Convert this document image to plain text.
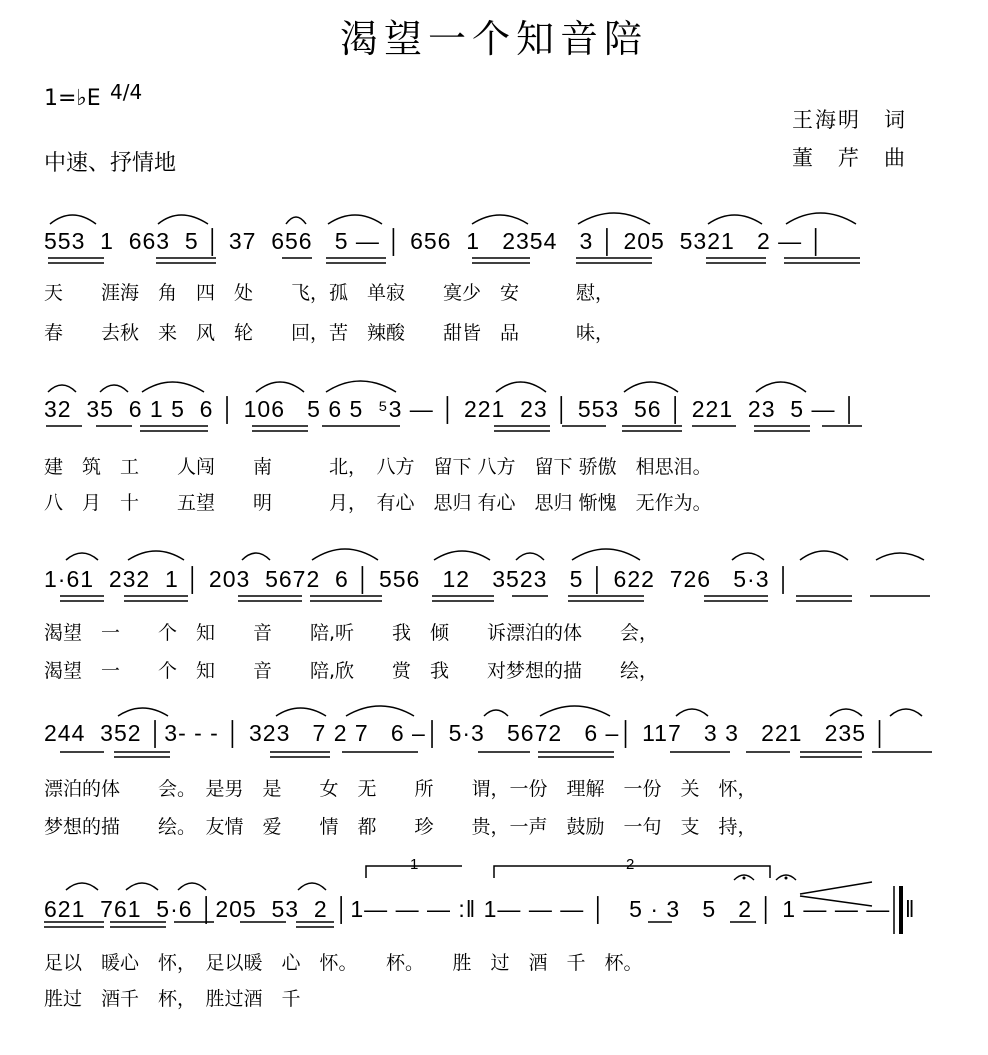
渴望一个知音陪
1=♭E 4/4
中速、抒情地
王海明　词
董　芹　曲
553  1  663  5 │ 37  656   5 — │ 656  1   2354   3 │ 205  5321   2 — │
天　　涯海　角　四　处　　飞，孤　单寂　　寞少　安　　　慰，
春　　去秋　来　风　轮　　回，苦　辣酸　　甜皆　品　　　味，
32  35  6 1 5  6 │ 106   5 6 5  ⁵3 — │ 221  23 │ 553  56 │ 221  23  5 — │
建　筑　工　　人闯　　南　　　北，　八方　留下 八方　留下 骄傲　相思泪。
八　月　十　　五望　　明　　　月，　有心　思归 有心　思归 惭愧　无作为。
1·61  232  1 │ 203  5672  6 │ 556   12   3523   5 │ 622  726   5·3 │
渴望　一　　个　知　　音　　陪,听　　我　倾　　诉漂泊的体　　会，
渴望　一　　个　知　　音　　陪,欣　　赏　我　　对梦想的描　　绘，
244  352 │3- - - │ 323   7 2 7   6 –│ 5·3   5672   6 –│ 117   3 3   221   235 │
漂泊的体　　会。　是男　是　　女　无　　所　　谓，一份　理解　一份　关　怀，
梦想的描　　绘。　友情　爱　　情　都　　珍　　贵，一声　鼓励　一句　支　持，
621  761  5·6 │205  53  2 │1— — — :‖ 1— — — │   5 · 3   5   2 │ 1 — — —  ‖
足以　暖心　怀，　足以暖　心　怀。　　杯。　　胜　过　酒　千　杯。
胜过　酒千　杯，　胜过酒　千
1	2
